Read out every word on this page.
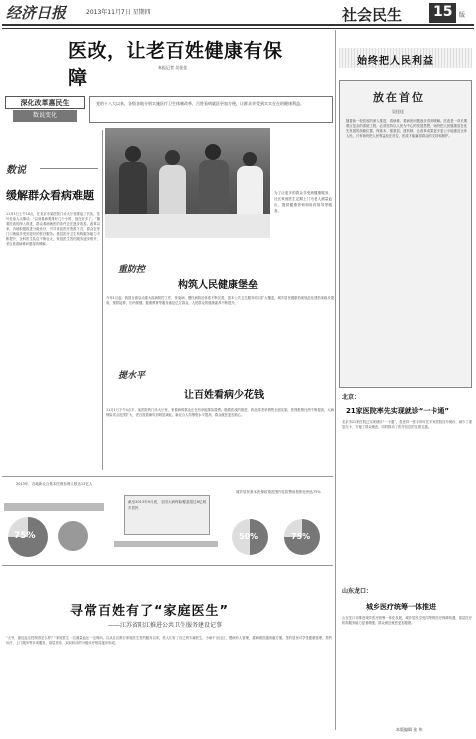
经济日报	2013年11月7日 星期四	社会民生 15 版
医改，让老百姓健康有保障	本报记者 吴佳佳
深化改革惠民生
数说变化
党的十八大以来，各级各地分别实施医疗卫生体制改革，百姓看病就医更加方便，让群众享受到实实在在的健康利益。
数说
缓解群众看病难题
11月1日上午10点，在北京市某医院门诊大厅里排起了长队，挂号处前人头攒动。“以前看病要排好几个小时，现在好多了。”随着医改的深入推进，群众看病就医的条件正在逐步改善。改革以来，各地积极推进分级诊疗，引导优质医疗资源下沉，群众在家门口就能享受到更好的医疗服务。基层医疗卫生机构服务能力不断提升，全科医生队伍不断壮大，家庭医生签约服务逐步推开，老百姓看病难问题得到缓解。
为了让更多的群众享受到健康服务，社区家庭医生定期上门为老人测量血压，提供健康咨询和用药指导等服务。
重防控
构筑人民健康堡垒
今年1月起，我国全面启动重大疾病防控工作，传染病、慢性病防治体系不断完善，基本公共卫生服务项目扩大覆盖，城乡居民健康档案规范化建档率稳步提高，预防接种、妇幼保健、健康教育等服务惠及亿万群众，人民群众的健康素养不断提升。
提水平
让百姓看病少花钱
11月1日下午4点半，某医院的门诊大厅里，来看病的群众正在有序地排队缴费。随着医改的推进，药品零差率销售全面实施，医保报销比例不断提高，大病保险试点范围扩大，老百姓看病负担明显减轻。新农合人均筹资水平提高，群众就医更加放心。
2013年，各地新农合基本医保参保人数达13亿人
75%
截至2013年9月底，全国大病保险覆盖超过8亿城乡居民
城乡居民基本医保政策范围内住院费用报销比例达75%
50%	75%
寻常百姓有了“家庭医生”
——江苏省阳江推进公共卫生服务建设记事
“大爷，最近血压控制得怎么样？”家庭医生一边测量血压一边询问。自从社区推行家庭医生签约服务以来，老人们有了自己的专属医生，小病不出社区，慢病有人管理，看病就医越来越方便。签约居民可享受健康管理、预约诊疗、上门服务等多项服务，基层首诊、双向转诊的分级诊疗格局逐步形成。
始终把人民利益
放在首位
吴佳佳
随着新一轮医改的深入推进，看病难、看病贵问题逐步得到缓解。医改是一项长期艰巨复杂的系统工程，必须坚持以人民为中心的发展思想，始终把人民健康放在优先发展的战略位置，保基本、强基层、建机制，让改革成果更多更公平地惠及全体人民。只有始终把人民利益放在首位，医改才能赢得群众的支持和拥护。
北京：
21家医院率先实现就诊“一卡通”
北京市21家医院已实现就诊“一卡通”，患者持一张卡即可在多家医院挂号就诊，减少了重复办卡，方便了群众就医，同时推动了医疗信息的互联互通。
山东龙口：
城乡医疗统筹一体推进
山东龙口市推进城乡医疗统筹一体化发展，城乡居民享受同等的医疗保障待遇，基层医疗机构服务能力显著增强，群众就近就医更加便捷。
本版编辑 张 伟
